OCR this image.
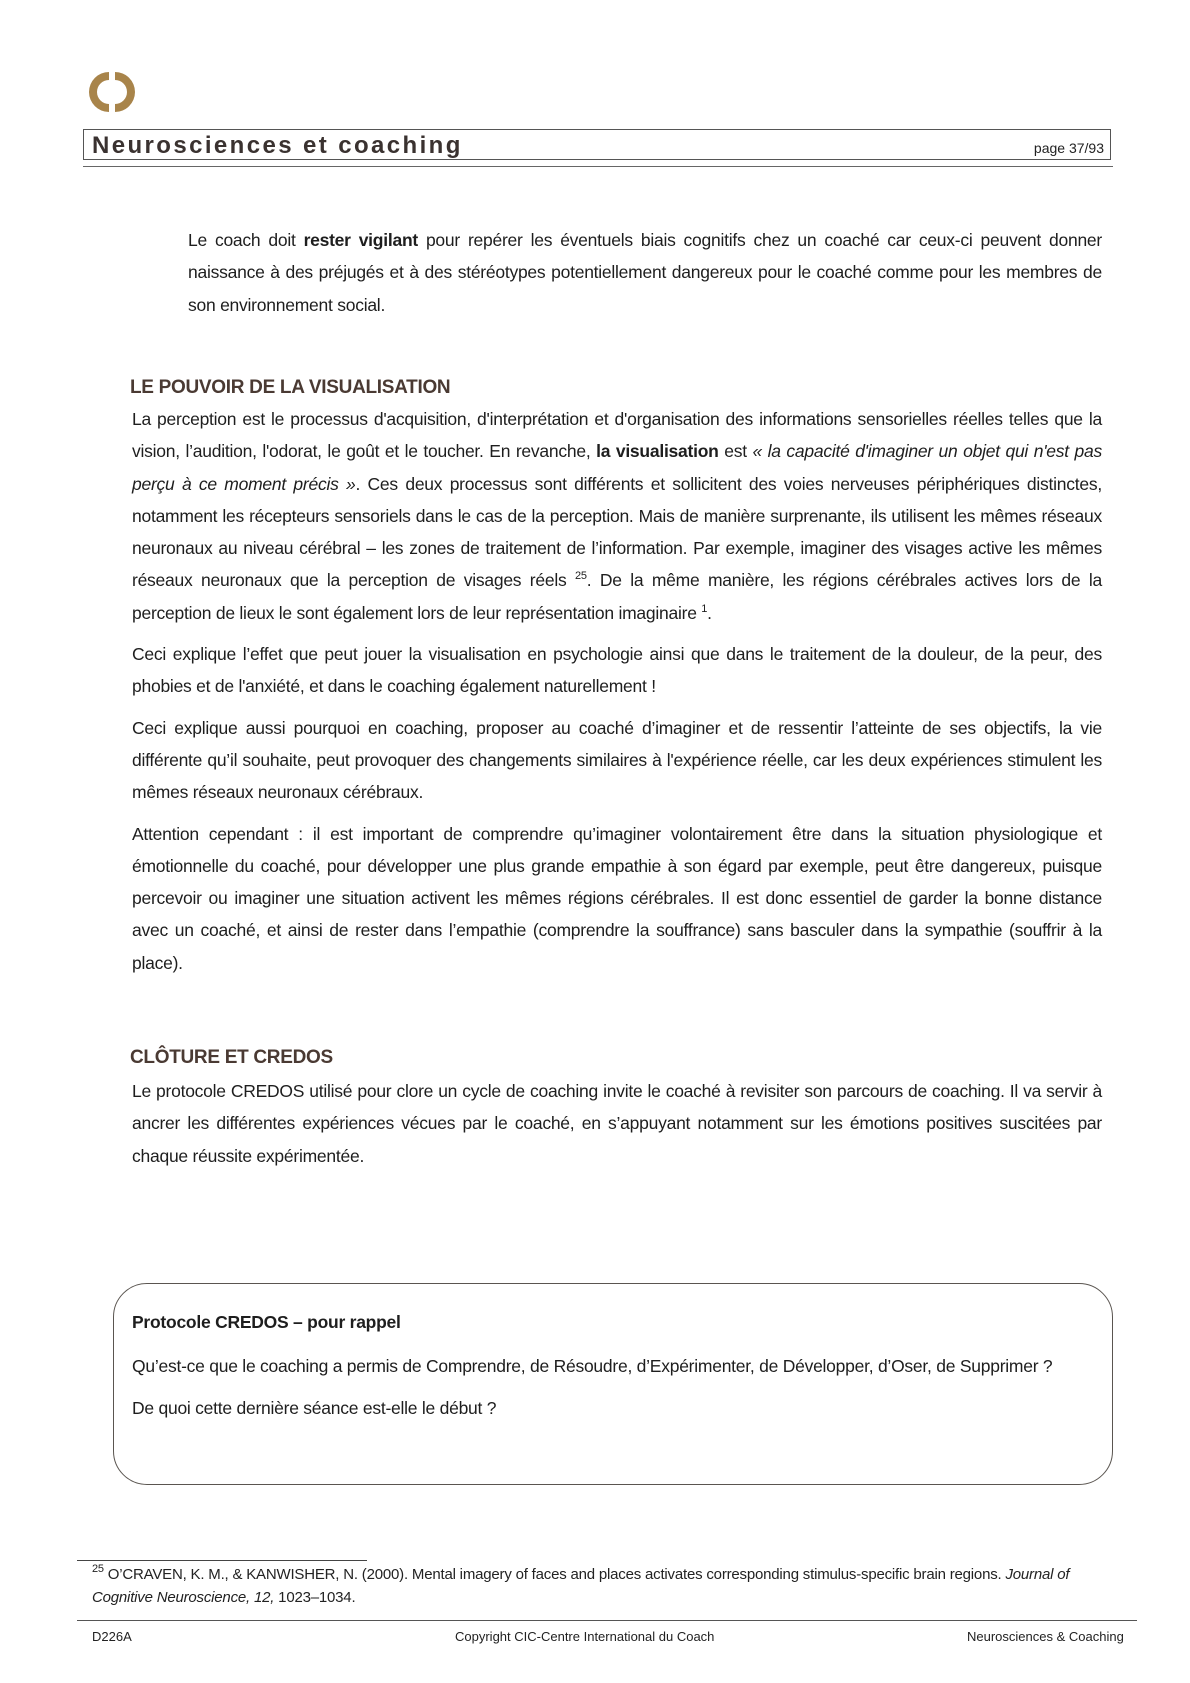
Neurosciences et coaching	page 37/93

Le coach doit rester vigilant pour repérer les éventuels biais cognitifs chez un coaché car ceux-ci peuvent donner naissance à des préjugés et à des stéréotypes potentiellement dangereux pour le coaché comme pour les membres de son environnement social.

LE POUVOIR DE LA VISUALISATION

La perception est le processus d'acquisition, d'interprétation et d'organisation des informations sensorielles réelles telles que la vision, l’audition, l'odorat, le goût et le toucher. En revanche, la visualisation est « la capacité d'imaginer un objet qui n'est pas perçu à ce moment précis ». Ces deux processus sont différents et sollicitent des voies nerveuses périphériques distinctes, notamment les récepteurs sensoriels dans le cas de la perception. Mais de manière surprenante, ils utilisent les mêmes réseaux neuronaux au niveau cérébral – les zones de traitement de l’information. Par exemple, imaginer des visages active les mêmes réseaux neuronaux que la perception de visages réels $^{25}$. De la même manière, les régions cérébrales actives lors de la perception de lieux le sont également lors de leur représentation imaginaire $^1$.

Ceci explique l’effet que peut jouer la visualisation en psychologie ainsi que dans le traitement de la douleur, de la peur, des phobies et de l'anxiété, et dans le coaching également naturellement !

Ceci explique aussi pourquoi en coaching, proposer au coaché d’imaginer et de ressentir l’atteinte de ses objectifs, la vie différente qu’il souhaite, peut provoquer des changements similaires à l'expérience réelle, car les deux expériences stimulent les mêmes réseaux neuronaux cérébraux.

Attention cependant : il est important de comprendre qu’imaginer volontairement être dans la situation physiologique et émotionnelle du coaché, pour développer une plus grande empathie à son égard par exemple, peut être dangereux, puisque percevoir ou imaginer une situation activent les mêmes régions cérébrales. Il est donc essentiel de garder la bonne distance avec un coaché, et ainsi de rester dans l’empathie (comprendre la souffrance) sans basculer dans la sympathie (souffrir à la place).

CLÔTURE ET CREDOS

Le protocole CREDOS utilisé pour clore un cycle de coaching invite le coaché à revisiter son parcours de coaching. Il va servir à ancrer les différentes expériences vécues par le coaché, en s’appuyant notamment sur les émotions positives suscitées par chaque réussite expérimentée.

Protocole CREDOS – pour rappel

Qu’est-ce que le coaching a permis de Comprendre, de Résoudre, d’Expérimenter, de Développer, d’Oser, de Supprimer ?

De quoi cette dernière séance est-elle le début ?

$^{25}$ O’CRAVEN, K. M., & KANWISHER, N. (2000). Mental imagery of faces and places activates corresponding stimulus-specific brain regions. Journal of Cognitive Neuroscience, 12, 1023–1034.
D226A	Copyright CIC-Centre International du Coach	Neurosciences & Coaching
